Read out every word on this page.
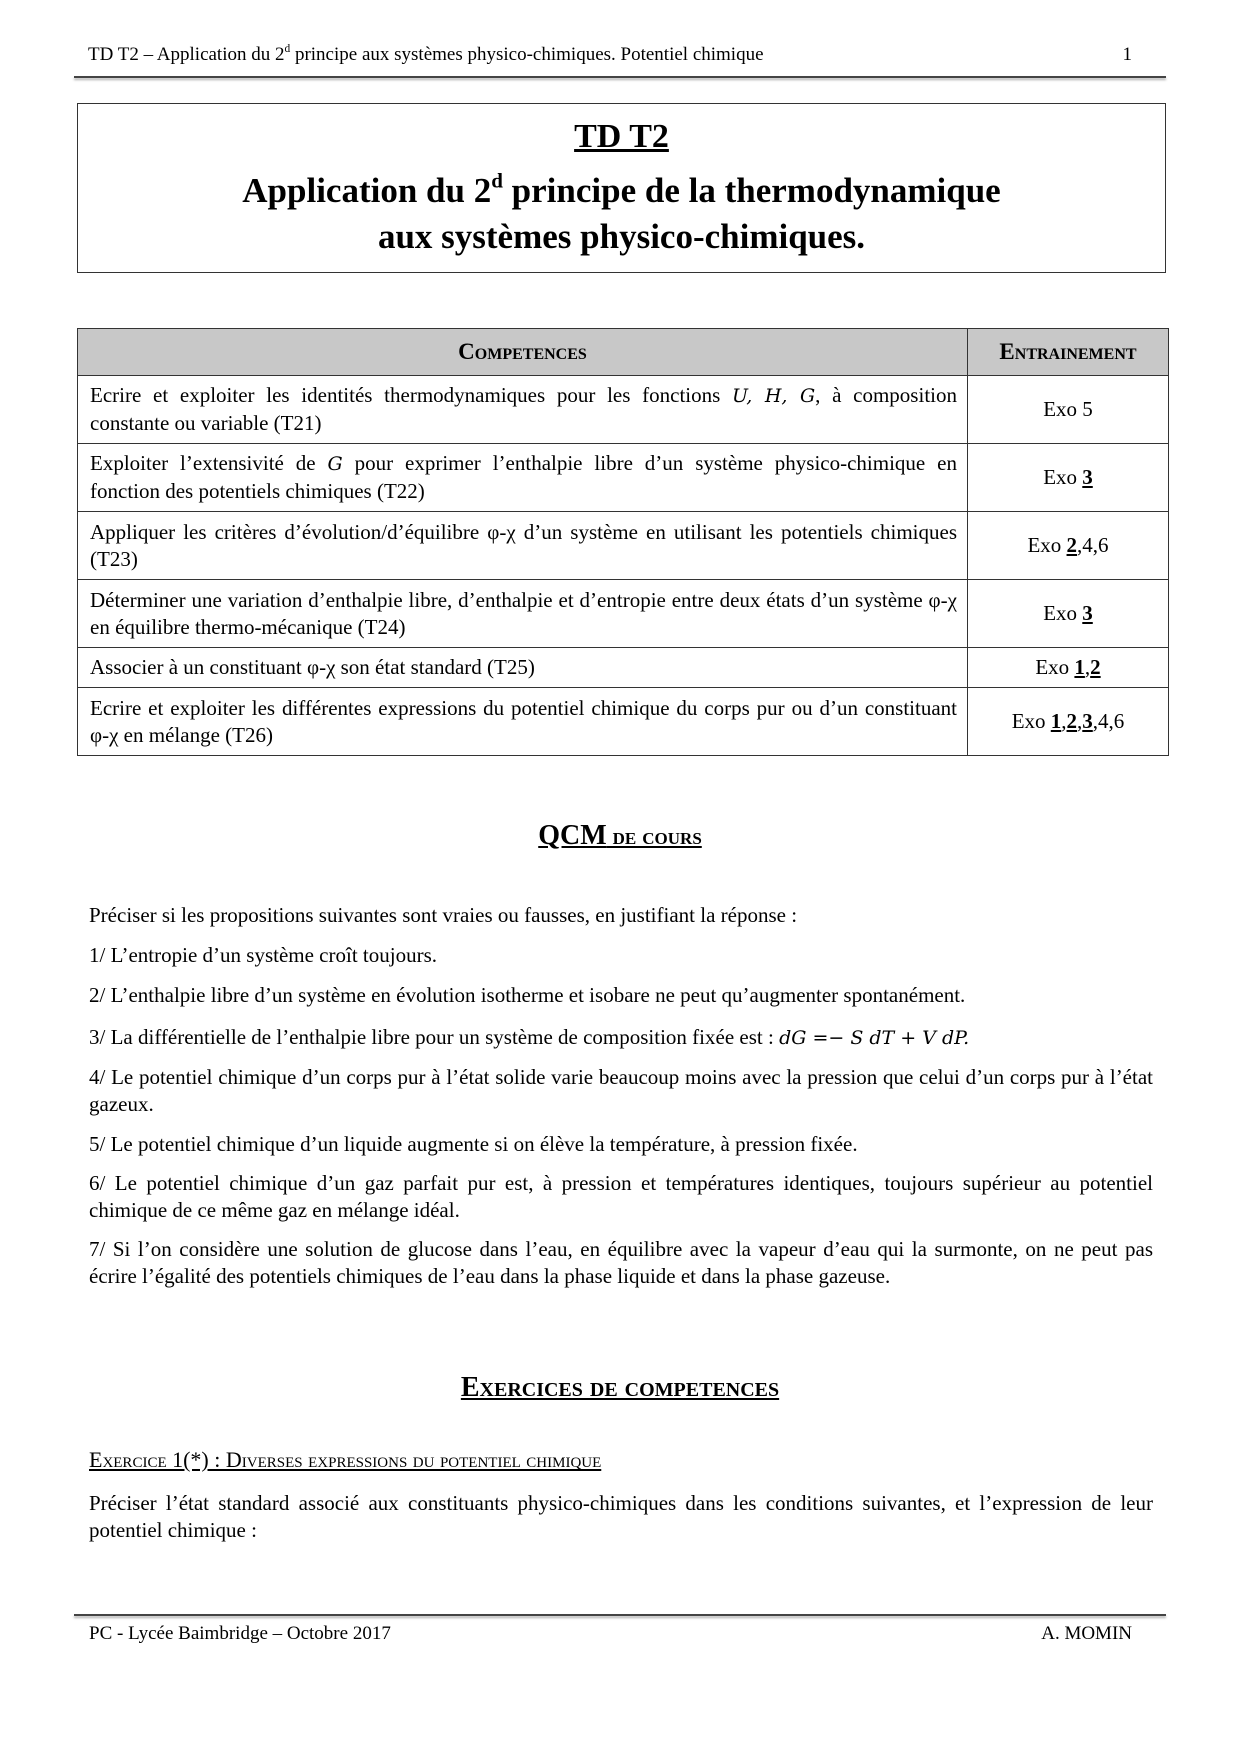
TD T2 – Application du 2$^d$ principe aux systèmes physico-chimiques. Potentiel chimique	1
TD T2
Application du 2$^d$ principe de la thermodynamique
aux systèmes physico-chimiques.
Competences	Entrainement
Ecrire et exploiter les identités thermodynamiques pour les fonctions U, H, G, à composition constante ou variable (T21)	Exo 5
Exploiter l’extensivité de G pour exprimer l’enthalpie libre d’un système physico-chimique en fonction des potentiels chimiques (T22)	Exo 3
Appliquer les critères d’évolution/d’équilibre φ-χ d’un système en utilisant les potentiels chimiques (T23)	Exo 2,4,6
Déterminer une variation d’enthalpie libre, d’enthalpie et d’entropie entre deux états d’un système φ-χ en équilibre thermo-mécanique (T24)	Exo 3
Associer à un constituant φ-χ son état standard (T25)	Exo 1,2
Ecrire et exploiter les différentes expressions du potentiel chimique du corps pur ou d’un constituant φ-χ en mélange (T26)	Exo 1,2,3,4,6
QCM de cours
Préciser si les propositions suivantes sont vraies ou fausses, en justifiant la réponse :
1/ L’entropie d’un système croît toujours.
2/ L’enthalpie libre d’un système en évolution isotherme et isobare ne peut qu’augmenter spontanément.
3/ La différentielle de l’enthalpie libre pour un système de composition fixée est : dG =− S dT + V dP.
4/ Le potentiel chimique d’un corps pur à l’état solide varie beaucoup moins avec la pression que celui d’un corps pur à l’état gazeux.
5/ Le potentiel chimique d’un liquide augmente si on élève la température, à pression fixée.
6/ Le potentiel chimique d’un gaz parfait pur est, à pression et températures identiques, toujours supérieur au potentiel chimique de ce même gaz en mélange idéal.
7/ Si l’on considère une solution de glucose dans l’eau, en équilibre avec la vapeur d’eau qui la surmonte, on ne peut pas écrire l’égalité des potentiels chimiques de l’eau dans la phase liquide et dans la phase gazeuse.
Exercices de competences
Exercice 1(*) : Diverses expressions du potentiel chimique
Préciser l’état standard associé aux constituants physico-chimiques dans les conditions suivantes, et l’expression de leur potentiel chimique :
PC - Lycée Baimbridge – Octobre 2017	A. MOMIN
